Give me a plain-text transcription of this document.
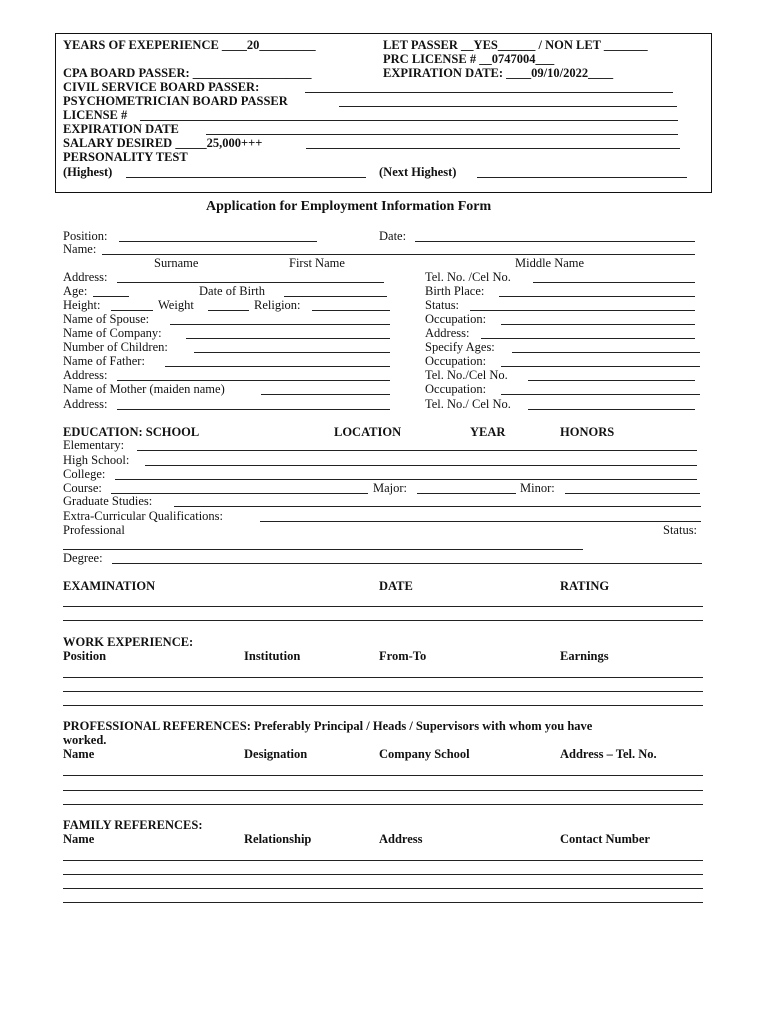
YEARS OF EXEPERIENCE ____20_________	LET PASSER __YES______ / NON LET _______
PRC LICENSE # __0747004___
CPA BOARD PASSER: ___________________	EXPIRATION DATE: ____09/10/2022____
CIVIL SERVICE BOARD PASSER:
PSYCHOMETRICIAN BOARD PASSER
LICENSE #
EXPIRATION DATE
SALARY DESIRED _____25,000+++
PERSONALITY TEST
(Highest)	(Next Highest)
Application for Employment Information Form
Position:	Date:
Name:
Surname	First Name	Middle Name
Address:	Tel. No. /Cel No.
Age:	Date of Birth	Birth Place:
Height:	Weight	Religion:	Status:
Name of Spouse:	Occupation:
Name of Company:	Address:
Number of Children:	Specify Ages:
Name of Father:	Occupation:
Address:	Tel. No./Cel No.
Name of Mother (maiden name)	Occupation:
Address:	Tel. No./ Cel No.
EDUCATION: SCHOOL	LOCATION	YEAR	HONORS
Elementary:
High School:
College:
Course:	Major:	Minor:
Graduate Studies:
Extra-Curricular Qualifications:
Professional	Status:
Degree:
EXAMINATION	DATE	RATING
WORK EXPERIENCE:
Position	Institution	From-To	Earnings
PROFESSIONAL REFERENCES: Preferably Principal / Heads / Supervisors with whom you have
worked.
Name	Designation	Company School	Address – Tel. No.
FAMILY REFERENCES:
Name	Relationship	Address	Contact Number
